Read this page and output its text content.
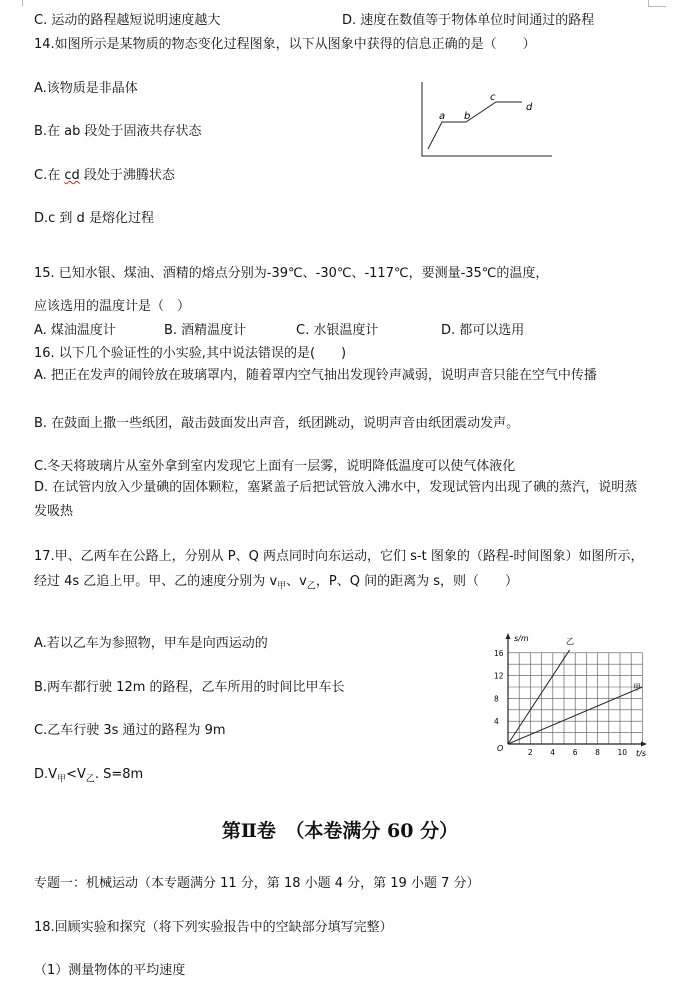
C. 运动的路程越短说明速度越大	D. 速度在数值等于物体单位时间通过的路程
14.如图所示是某物质的物态变化过程图象，以下从图象中获得的信息正确的是（　　）
A.该物质是非晶体
B.在 ab 段处于固液共存状态
C.在 cd 段处于沸腾状态
D.c 到 d 是熔化过程
a b
c
d
15. 已知水银、煤油、酒精的熔点分别为-39℃、-30℃、-117℃，要测量-35℃的温度，
应该选用的温度计是（　）
A. 煤油温度计	B. 酒精温度计	C. 水银温度计	D. 都可以选用
16. 以下几个验证性的小实验,其中说法错误的是(　　)
A. 把正在发声的闹铃放在玻璃罩内，随着罩内空气抽出发现铃声减弱，说明声音只能在空气中传播
B. 在鼓面上撒一些纸团，敲击鼓面发出声音，纸团跳动，说明声音由纸团震动发声。
C.冬天将玻璃片从室外拿到室内发现它上面有一层雾，说明降低温度可以使气体液化
D. 在试管内放入少量碘的固体颗粒，塞紧盖子后把试管放入沸水中，发现试管内出现了碘的蒸汽，说明蒸发吸热
17.甲、乙两车在公路上，分别从 P、Q 两点同时向东运动，它们 s-t 图象的（路程-时间图象）如图所示，经过 4s 乙追上甲。甲、乙的速度分别为 $v_甲$、$v_乙$，P、Q 间的距离为 s，则（　　）
A.若以乙车为参照物，甲车是向西运动的
B.两车都行驶 12m 的路程，乙车所用的时间比甲车长
C.乙车行驶 3s 通过的路程为 9m
$D.V_甲<V_乙$. S=8m
s/m
t/s
O
4
8
12
16
2 4 6 8 10
乙
甲
第Ⅱ卷　（本卷满分 60 分）
专题一：机械运动（本专题满分 11 分，第 18 小题 4 分，第 19 小题 7 分）
18.回顾实验和探究（将下列实验报告中的空缺部分填写完整）
（1）测量物体的平均速度
